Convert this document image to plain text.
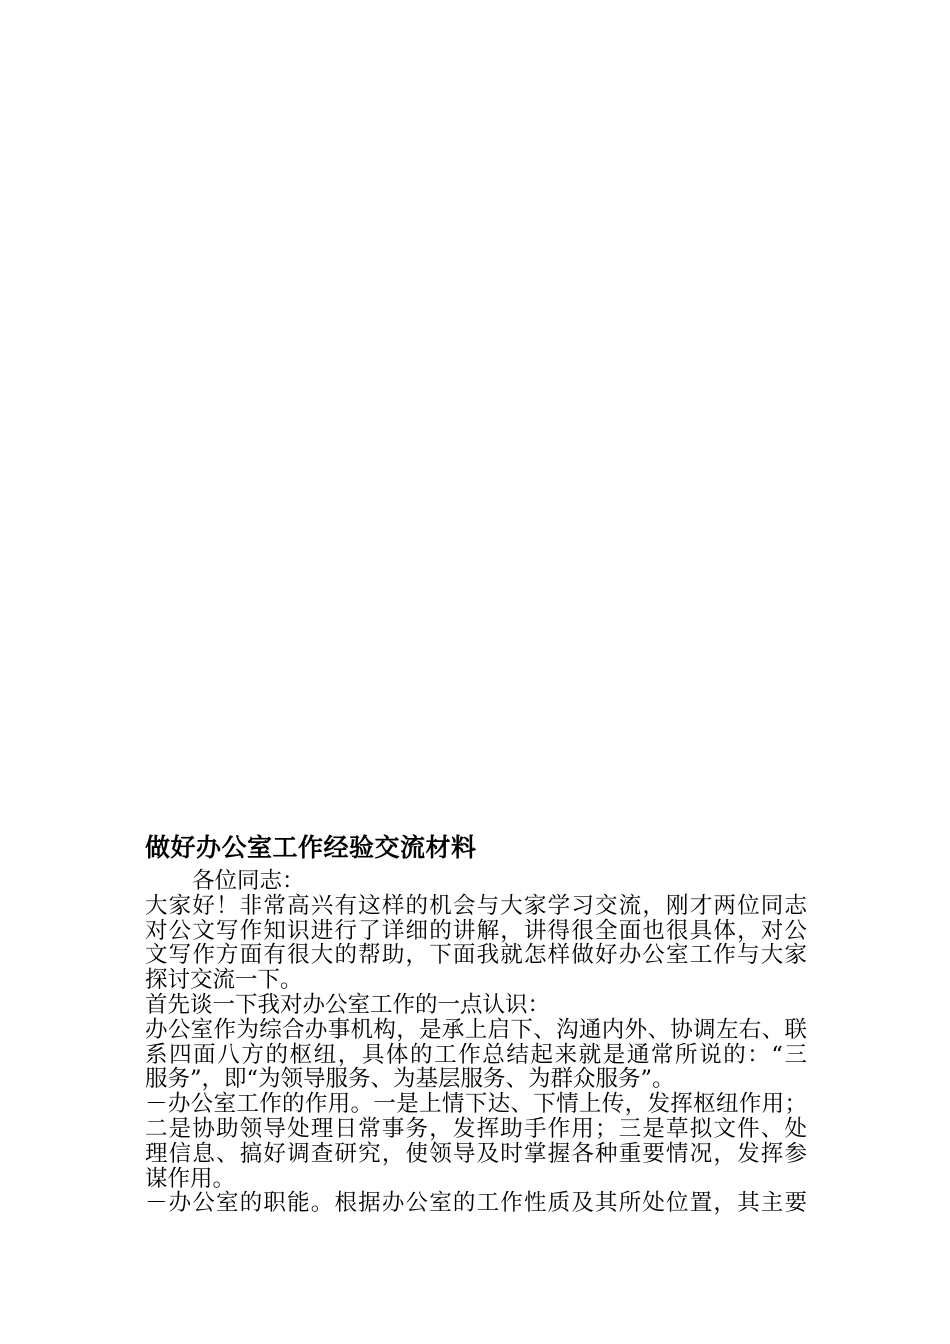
做好办公室工作经验交流材料
各位同志：
大家好！非常高兴有这样的机会与大家学习交流，刚才两位同志
对公文写作知识进行了详细的讲解，讲得很全面也很具体，对公
文写作方面有很大的帮助，下面我就怎样做好办公室工作与大家
探讨交流一下。
首先谈一下我对办公室工作的一点认识：
办公室作为综合办事机构，是承上启下、沟通内外、协调左右、联
系四面八方的枢纽，具体的工作总结起来就是通常所说的：“三
服务”，即“为领导服务、为基层服务、为群众服务”。
－办公室工作的作用。一是上情下达、下情上传，发挥枢纽作用；
二是协助领导处理日常事务，发挥助手作用；三是草拟文件、处
理信息、搞好调查研究，使领导及时掌握各种重要情况，发挥参
谋作用。
－办公室的职能。根据办公室的工作性质及其所处位置，其主要
